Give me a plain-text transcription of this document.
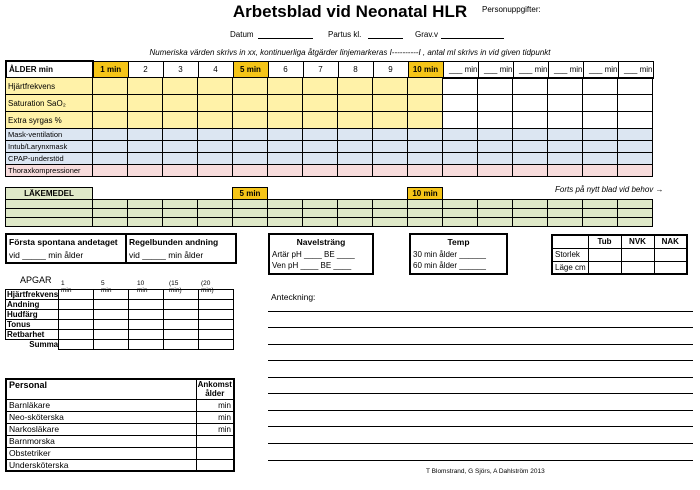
Arbetsblad vid Neonatal HLR	Personuppgifter:
Datum	Partus kl.	Grav.v
Numeriska värden skrivs in xx, kontinuerliga åtgärder linjemarkeras I----------I , antal ml skrivs in vid given tidpunkt
ÅLDER min	1 min	2	3	4	5 min	6	7	8	9	10 min	___ min	___ min	___ min	___ min	___ min	___ min
Hjärtfrekvens																
Saturation SaO₂																
Extra syrgas %																
Mask-ventilation																
Intub/Larynxmask																
CPAP-understöd																
Thoraxkompressioner																
LÄKEMEDEL					5 min					10 min	Forts på nytt blad vid behov →

Första spontana andetaget
vid _____ min ålder
Regelbunden andning
vid _____ min ålder
Navelsträng
Artär pH ____ BE ____
Ven pH ____ BE ____
Temp
30 min ålder ______
60 min ålder ______
	Tub	NVK	NAK
Storlek			
Läge cm			
APGAR 1 min
5 min
10 min
(15 min)
(20 min)
Hjärtfrekvens					
Andning					
Hudfärg					
Tonus					
Retbarhet					
Summa					
Anteckning:
Personal	Ankomst ålder
Barnläkare	min
Neo-sköterska	min
Narkosläkare	min
Barnmorska	
Obstetriker	
Undersköterska	
T Blomstrand, G Sjörs, A Dahlström 2013
